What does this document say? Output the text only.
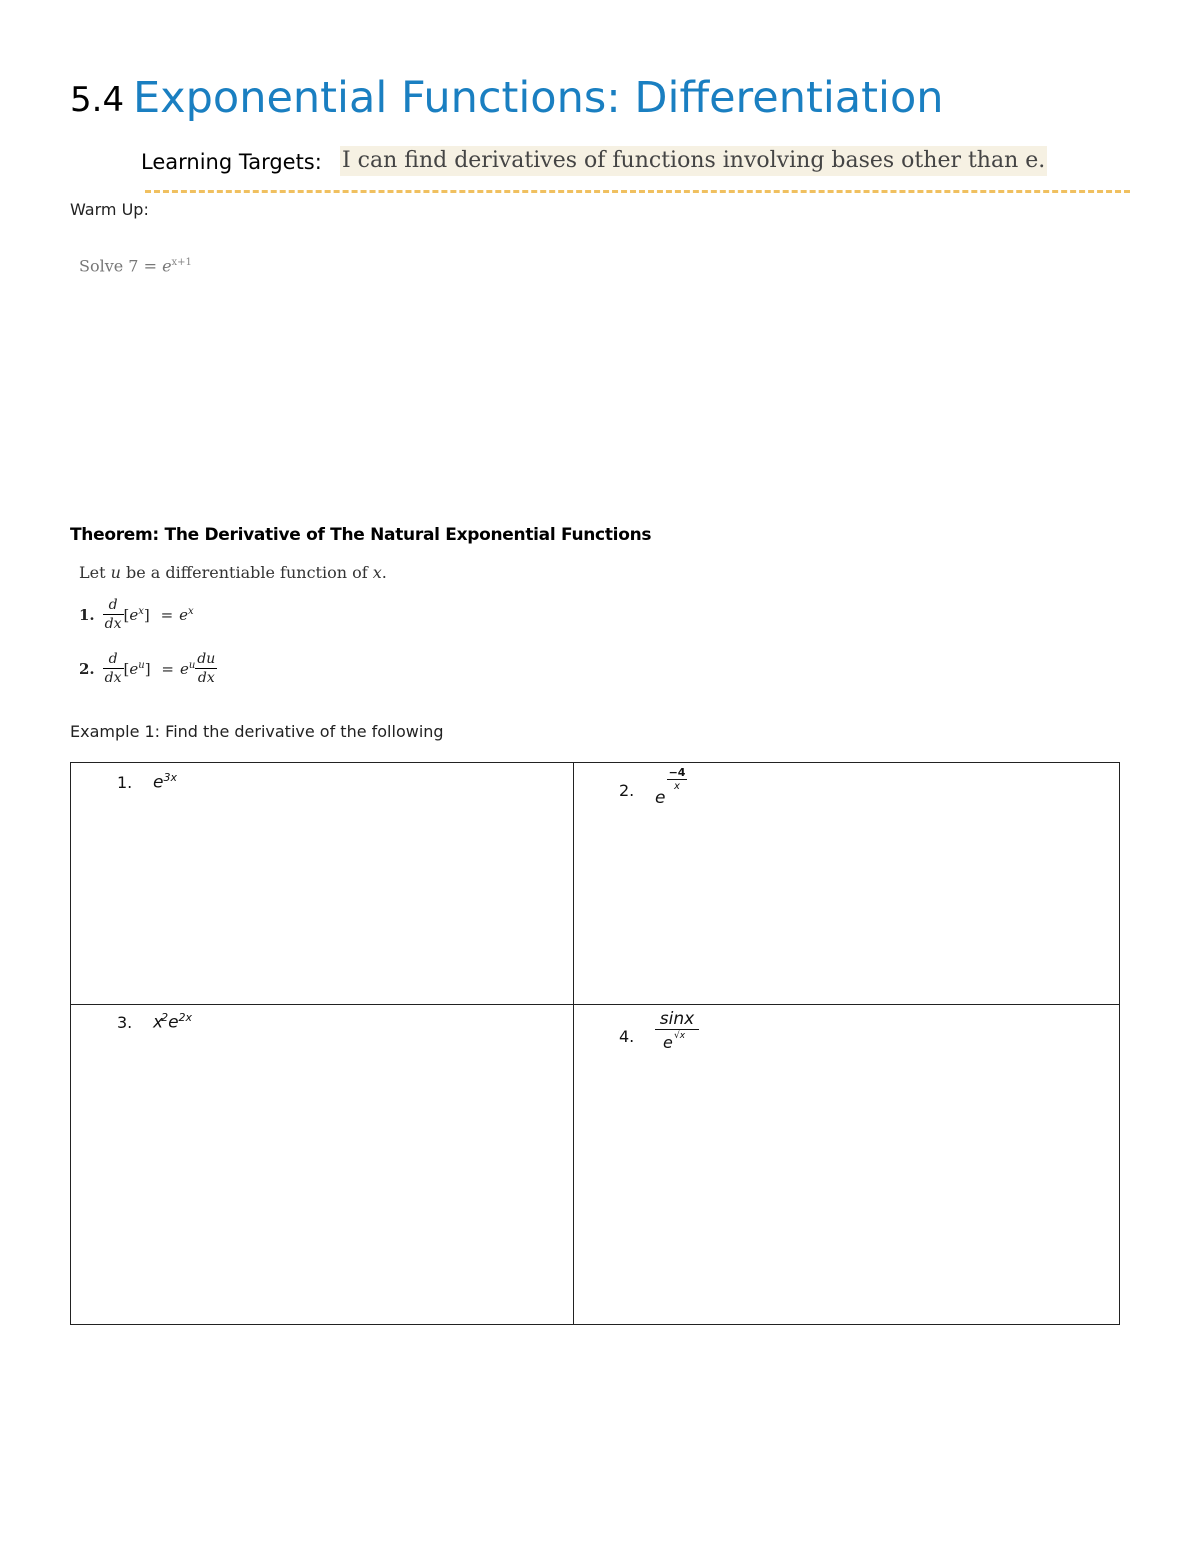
5.4 Exponential Functions: Differentiation
Learning Targets: I can find derivatives of functions involving bases other than e.
Warm Up:
Solve $7 = e^{x+1}$
Theorem: The Derivative of The Natural Exponential Functions
Let u be a differentiable function of x.
1. $\frac{d}{dx} [e^x] = e^x$
2. $\frac{d}{dx} [e^u] = e^u \frac{du}{dx}$
Example 1: Find the derivative of the following
1. $e^{3x}$
2. e
−4
x
3. $x^2e^{2x}$
4.
sinx
e √x
